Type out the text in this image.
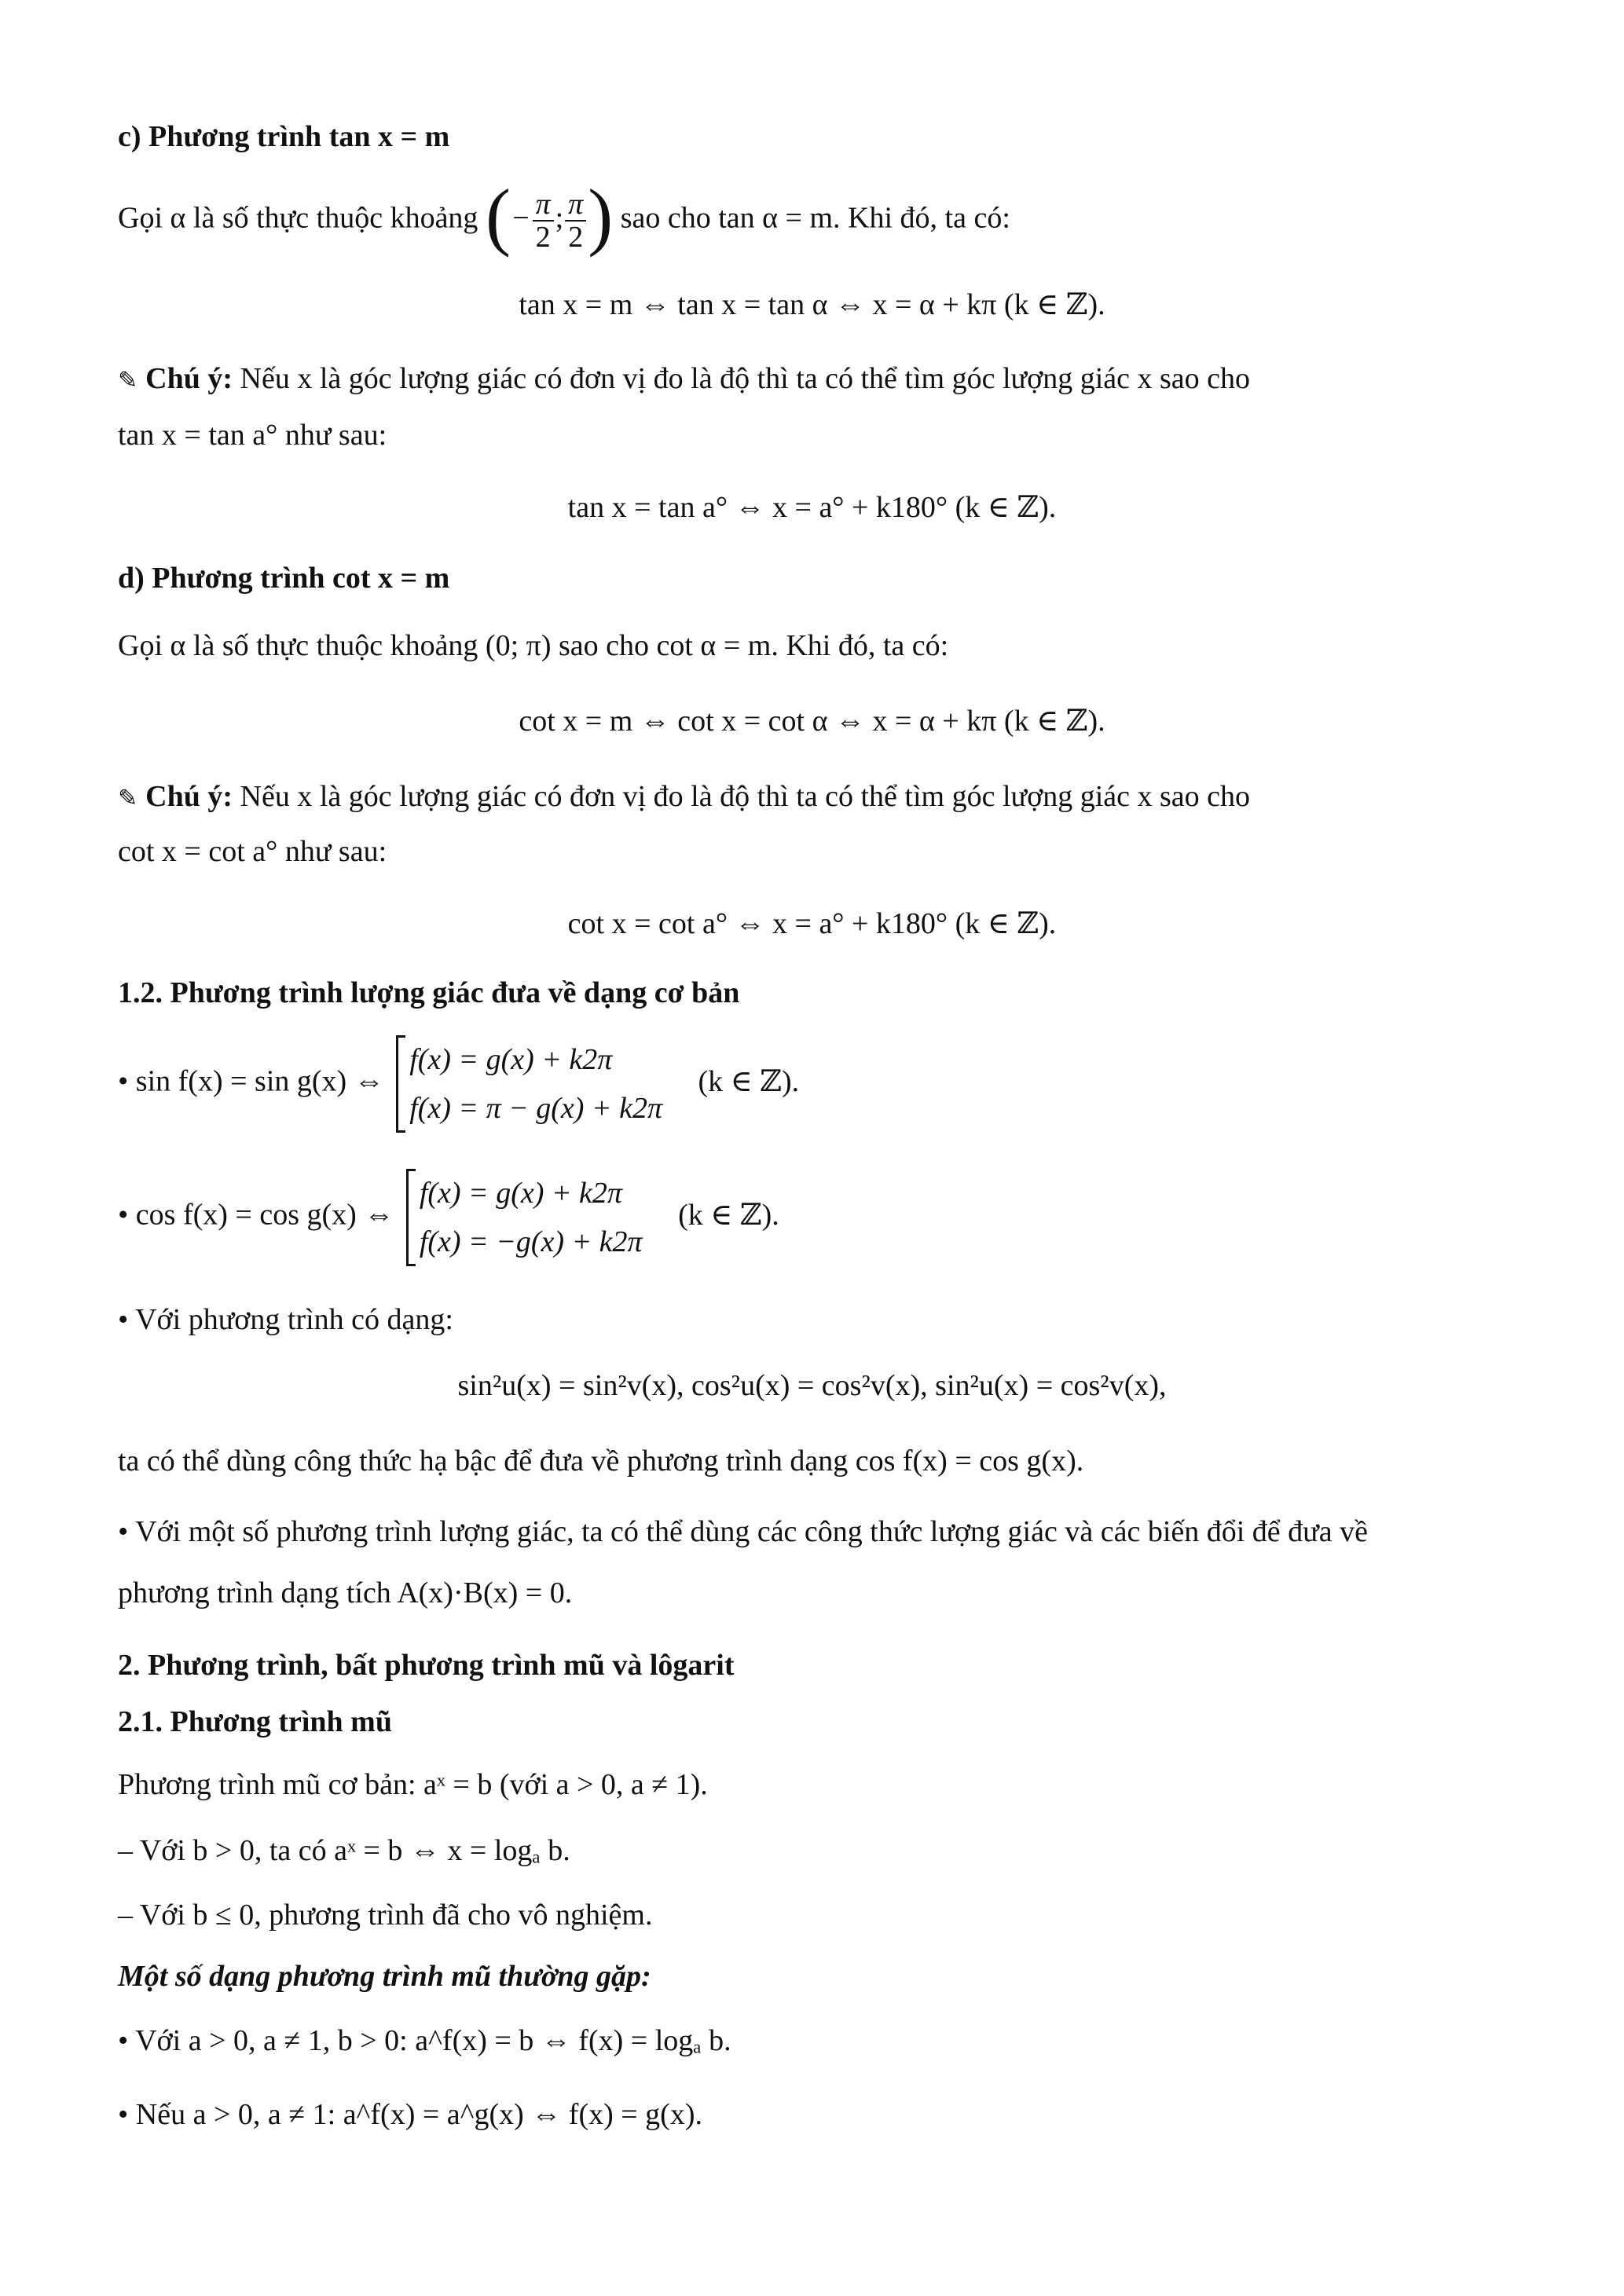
c) Phương trình tan x = m
Gọi α là số thực thuộc khoảng (− $\frac{\pi}{2}$ ; $\frac{\pi}{2}$ ) sao cho tan α = m. Khi đó, ta có:
tan x = m ⇔ tan x = tan α ⇔ x = α + kπ (k ∈ ℤ).
✎ Chú ý: Nếu x là góc lượng giác có đơn vị đo là độ thì ta có thể tìm góc lượng giác x sao cho
tan x = tan a° như sau:
tan x = tan a° ⇔ x = a° + k180° (k ∈ ℤ).
d) Phương trình cot x = m
Gọi α là số thực thuộc khoảng (0; π) sao cho cot α = m. Khi đó, ta có:
cot x = m ⇔ cot x = cot α ⇔ x = α + kπ (k ∈ ℤ).
✎ Chú ý: Nếu x là góc lượng giác có đơn vị đo là độ thì ta có thể tìm góc lượng giác x sao cho
cot x = cot a° như sau:
cot x = cot a° ⇔ x = a° + k180° (k ∈ ℤ).
1.2. Phương trình lượng giác đưa về dạng cơ bản
• sin f(x) = sin g(x) ⇔
f(x) = g(x) + k2π
f(x) = π − g(x) + k2π
(k ∈ ℤ).
• cos f(x) = cos g(x) ⇔
f(x) = g(x) + k2π
f(x) = −g(x) + k2π
(k ∈ ℤ).
• Với phương trình có dạng:
sin²u(x) = sin²v(x), cos²u(x) = cos²v(x), sin²u(x) = cos²v(x),
ta có thể dùng công thức hạ bậc để đưa về phương trình dạng cos f(x) = cos g(x).
• Với một số phương trình lượng giác, ta có thể dùng các công thức lượng giác và các biến đổi để đưa về
phương trình dạng tích A(x)·B(x) = 0.
2. Phương trình, bất phương trình mũ và lôgarit
2.1. Phương trình mũ
Phương trình mũ cơ bản: aˣ = b (với a > 0, a ≠ 1).
– Với b > 0, ta có aˣ = b ⇔ x = logₐ b.
– Với b ≤ 0, phương trình đã cho vô nghiệm.
Một số dạng phương trình mũ thường gặp:
• Với a > 0, a ≠ 1, b > 0: a^f(x) = b ⇔ f(x) = logₐ b.
• Nếu a > 0, a ≠ 1: a^f(x) = a^g(x) ⇔ f(x) = g(x).
